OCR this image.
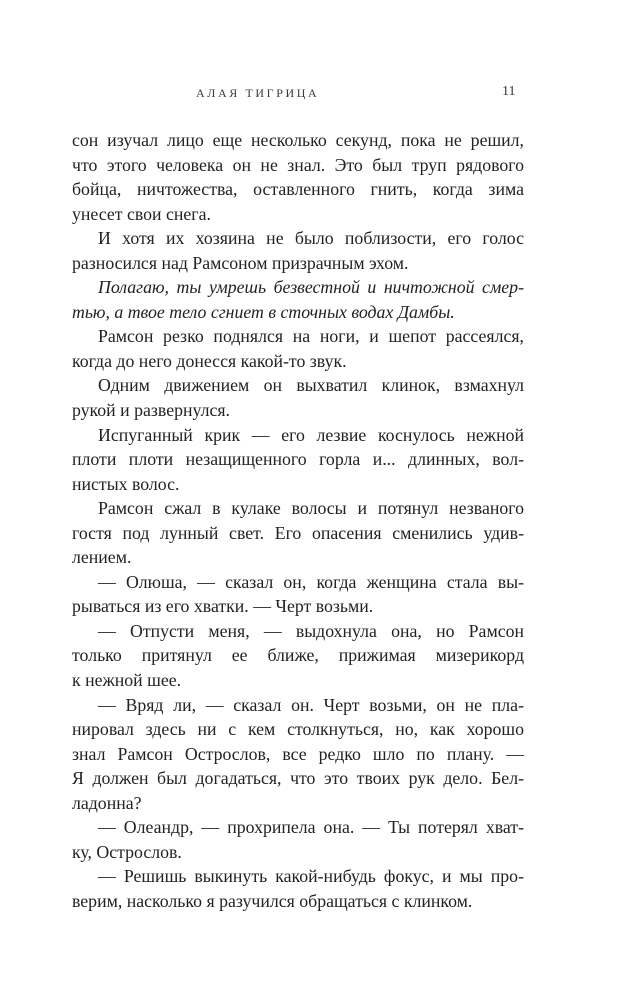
АЛАЯ ТИГРИЦА	11
сон изучал лицо еще несколько секунд, пока не решил,
что этого человека он не знал. Это был труп рядового
бойца, ничтожества, оставленного гнить, когда зима
унесет свои снега.
И хотя их хозяина не было поблизости, его голос
разносился над Рамсоном призрачным эхом.
Полагаю, ты умрешь безвестной и ничтожной смер-
тью, а твое тело сгниет в сточных водах Дамбы.
Рамсон резко поднялся на ноги, и шепот рассеялся,
когда до него донесся какой-то звук.
Одним движением он выхватил клинок, взмахнул
рукой и развернулся.
Испуганный крик — его лезвие коснулось нежной
плоти плоти незащищенного горла и... длинных, вол-
нистых волос.
Рамсон сжал в кулаке волосы и потянул незваного
гостя под лунный свет. Его опасения сменились удив-
лением.
— Олюша, — сказал он, когда женщина стала вы-
рываться из его хватки. — Черт возьми.
— Отпусти меня, — выдохнула она, но Рамсон
только притянул ее ближе, прижимая мизерикорд
к нежной шее.
— Вряд ли, — сказал он. Черт возьми, он не пла-
нировал здесь ни с кем столкнуться, но, как хорошо
знал Рамсон Острослов, все редко шло по плану. —
Я должен был догадаться, что это твоих рук дело. Бел-
ладонна?
— Олеандр, — прохрипела она. — Ты потерял хват-
ку, Острослов.
— Решишь выкинуть какой-нибудь фокус, и мы про-
верим, насколько я разучился обращаться с клинком.
